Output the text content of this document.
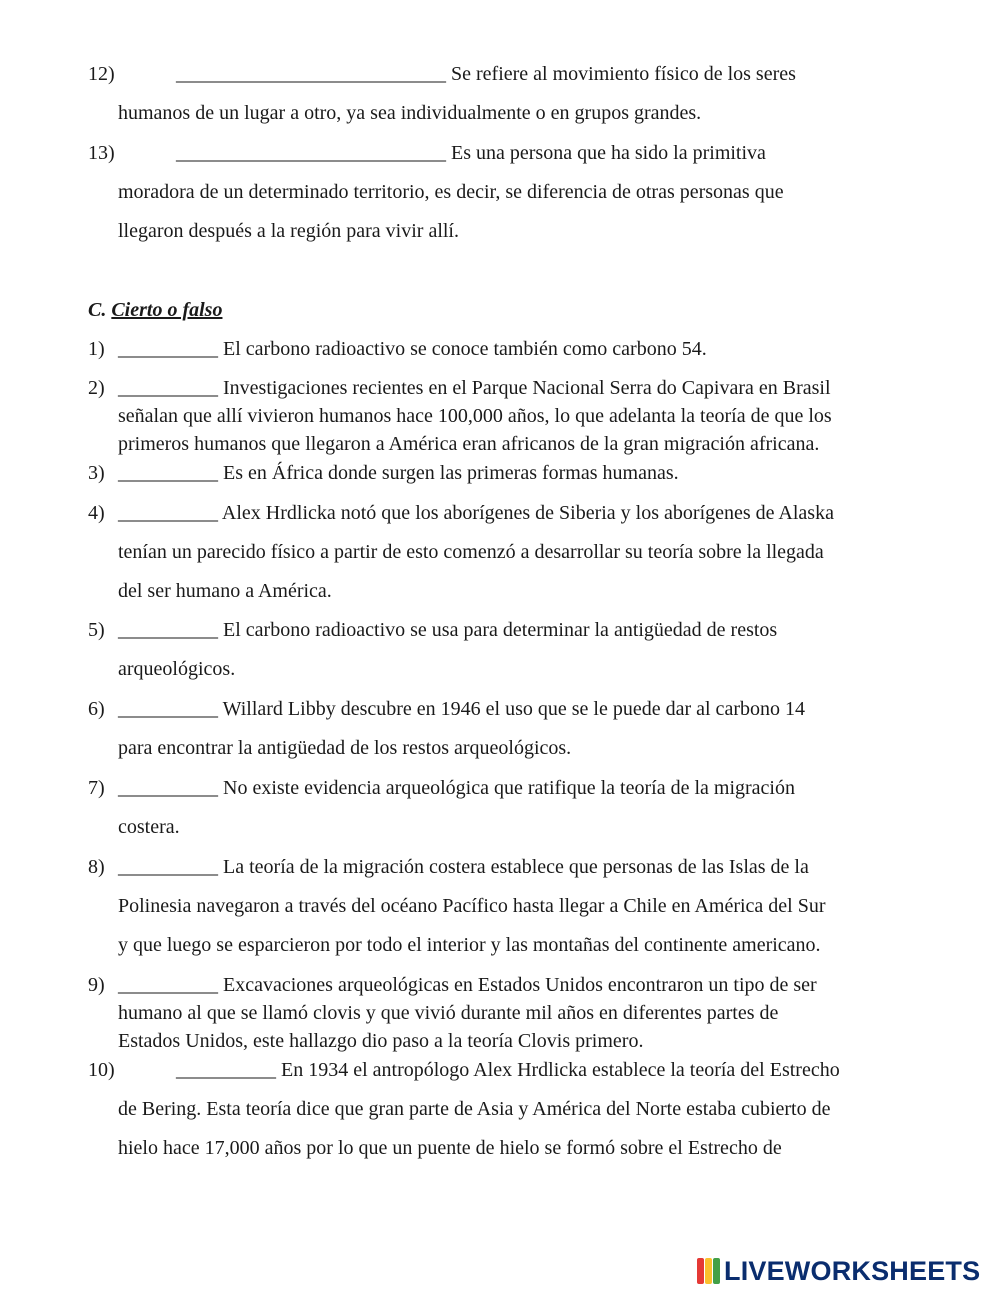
12)	___________________________ Se refiere al movimiento físico de los seres
humanos de un lugar a otro, ya sea individualmente o en grupos grandes.
13)	___________________________ Es una persona que ha sido la primitiva
moradora de un determinado territorio, es decir, se diferencia de otras personas que
llegaron después a la región para vivir allí.
C. Cierto o falso
1) __________ El carbono radioactivo se conoce también como carbono 54.
2) __________ Investigaciones recientes en el Parque Nacional Serra do Capivara en Brasil
señalan que allí vivieron humanos hace 100,000 años, lo que adelanta la teoría de que los
primeros humanos que llegaron a América eran africanos de la gran migración africana.
3) __________ Es en África donde surgen las primeras formas humanas.
4) __________ Alex Hrdlicka notó que los aborígenes de Siberia y los aborígenes de Alaska
tenían un parecido físico a partir de esto comenzó a desarrollar su teoría sobre la llegada
del ser humano a América.
5) __________ El carbono radioactivo se usa para determinar la antigüedad de restos
arqueológicos.
6) __________ Willard Libby descubre en 1946 el uso que se le puede dar al carbono 14
para encontrar la antigüedad de los restos arqueológicos.
7) __________ No existe evidencia arqueológica que ratifique la teoría de la migración
costera.
8) __________ La teoría de la migración costera establece que personas de las Islas de la
Polinesia navegaron a través del océano Pacífico hasta llegar a Chile en América del Sur
y que luego se esparcieron por todo el interior y las montañas del continente americano.
9) __________ Excavaciones arqueológicas en Estados Unidos encontraron un tipo de ser
humano al que se llamó clovis y que vivió durante mil años en diferentes partes de
Estados Unidos, este hallazgo dio paso a la teoría Clovis primero.
10)	__________ En 1934 el antropólogo Alex Hrdlicka establece la teoría del Estrecho
de Bering. Esta teoría dice que gran parte de Asia y América del Norte estaba cubierto de
hielo hace 17,000 años por lo que un puente de hielo se formó sobre el Estrecho de
LIVEWORKSHEETS
